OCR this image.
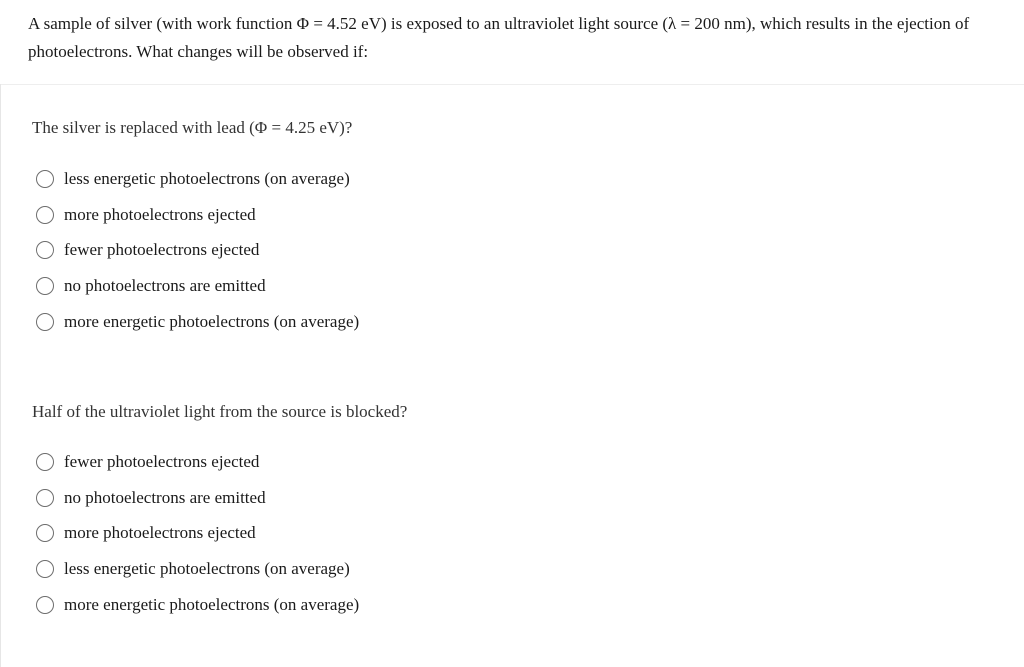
A sample of silver (with work function Φ = 4.52 eV) is exposed to an ultraviolet light source (λ = 200 nm), which results in the ejection of photoelectrons. What changes will be observed if:
The silver is replaced with lead (Φ = 4.25 eV)?
less energetic photoelectrons (on average)
more photoelectrons ejected
fewer photoelectrons ejected
no photoelectrons are emitted
more energetic photoelectrons (on average)
Half of the ultraviolet light from the source is blocked?
fewer photoelectrons ejected
no photoelectrons are emitted
more photoelectrons ejected
less energetic photoelectrons (on average)
more energetic photoelectrons (on average)
